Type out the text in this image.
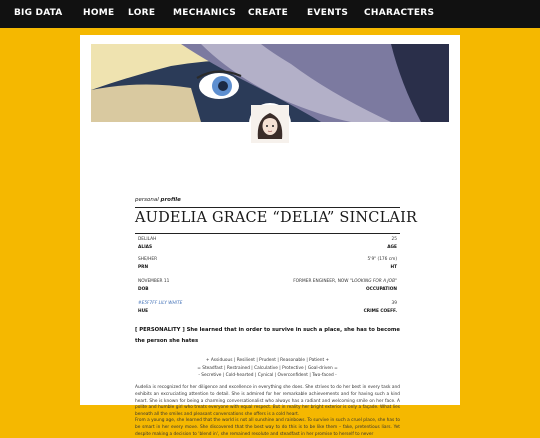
BIG DATA HOME LORE MECHANICS CREATE EVENTS CHARACTERS
personal profile
AUDELIA GRACE “DELIA” SINCLAIR
DELILAH
ALIAS
25
AGE
SHE/HER
PRN
5'9" (176 cm)
HT
NOVEMBER 11
DOB
FORMER ENGINEER, NOW "LOOKING FOR A JOB"
OCCUPATION
#E5F7FF LILY WHITE
HUE
39
CRIME COEFF.
[ PERSONALITY ] She learned that in order to survive in such a place, she has to become the person she hates
+ Assiduous | Resilient | Prudent | Reasonable | Patient +
= Steadfast | Restrained | Calculative | Protective | Goal-driven =
- Secretive | Cold-hearted | Cynical | Overconfident | Two-faced -
Audelia is recognized for her diligence and excellence in everything she does. She strives to do her best in every task and exhibits an excruciating attention to detail. She is admired for her remarkable achievements and for having such a kind heart. She is known for being a charming conversationalist who always has a radiant and welcoming smile on her face. A polite and humble girl who treats everyone with equal respect. But in reality her bright exterior is only a façade. What lies beneath all the smiles and pleasant conversations she offers is a cold heart.
From a young age, she learned that the world is not all sunshine and rainbows. To survive in such a cruel place, she has to be smart in her every move. She discovered that the best way to do this is to be like them – fake, pretentious liars. Yet despite making a decision to 'blend in', she remained resolute and steadfast in her promise to herself to never
